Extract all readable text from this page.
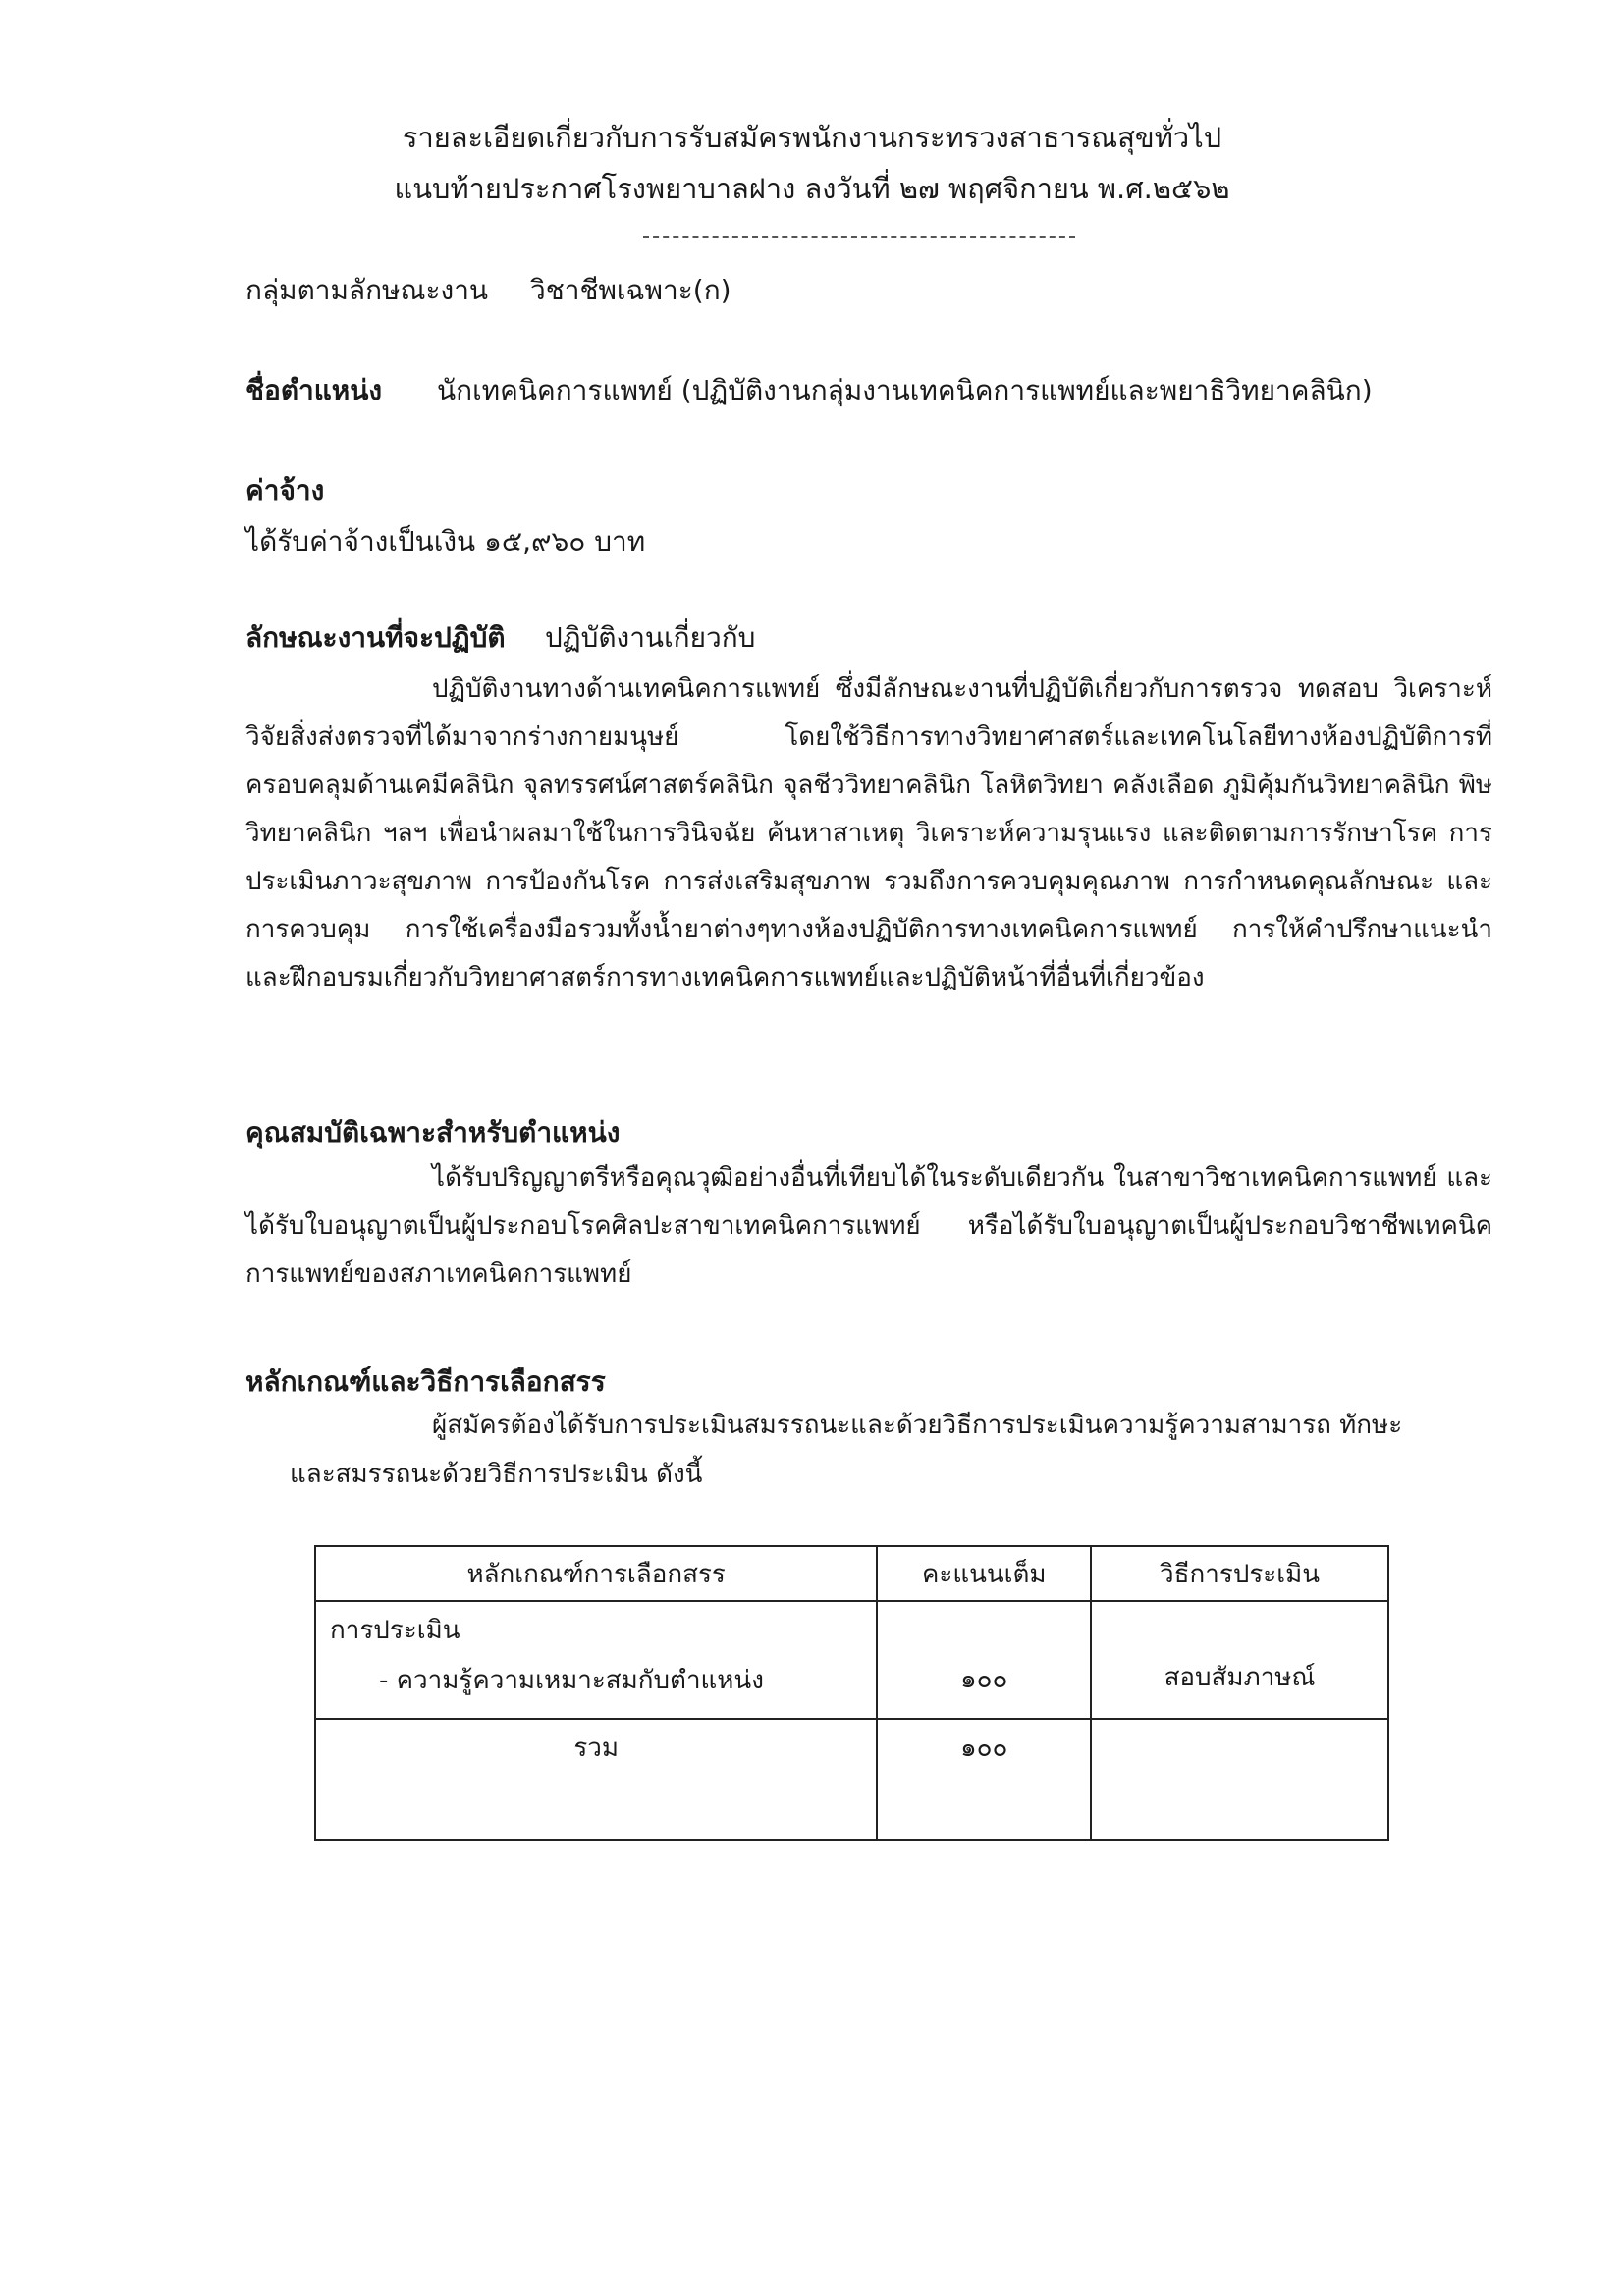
รายละเอียดเกี่ยวกับการรับสมัครพนักงานกระทรวงสาธารณสุขทั่วไป
แนบท้ายประกาศโรงพยาบาลฝาง ลงวันที่ ๒๗ พฤศจิกายน พ.ศ.๒๕๖๒
กลุ่มตามลักษณะงาน วิชาชีพเฉพาะ(ก)
ชื่อตำแหน่ง นักเทคนิคการแพทย์ (ปฏิบัติงานกลุ่มงานเทคนิคการแพทย์และพยาธิวิทยาคลินิก)
ค่าจ้าง
ได้รับค่าจ้างเป็นเงิน ๑๕,๙๖๐ บาท
ลักษณะงานที่จะปฏิบัติ ปฏิบัติงานเกี่ยวกับ
ปฏิบัติงานทางด้านเทคนิคการแพทย์ ซึ่งมีลักษณะงานที่ปฏิบัติเกี่ยวกับการตรวจ ทดสอบ วิเคราะห์ วิจัยสิ่งส่งตรวจที่ได้มาจากร่างกายมนุษย์ โดยใช้วิธีการทางวิทยาศาสตร์และเทคโนโลยีทางห้องปฏิบัติการที่ครอบคลุมด้านเคมีคลินิก จุลทรรศน์ศาสตร์คลินิก จุลชีววิทยาคลินิก โลหิตวิทยา คลังเลือด ภูมิคุ้มกันวิทยาคลินิก พิษวิทยาคลินิก ฯลฯ เพื่อนำผลมาใช้ในการวินิจฉัย ค้นหาสาเหตุ วิเคราะห์ความรุนแรง และติดตามการรักษาโรค การประเมินภาวะสุขภาพ การป้องกันโรค การส่งเสริมสุขภาพ รวมถึงการควบคุมคุณภาพ การกำหนดคุณลักษณะ และการควบคุม การใช้เครื่องมือรวมทั้งน้ำยาต่างๆทางห้องปฏิบัติการทางเทคนิคการแพทย์ การให้คำปรึกษาแนะนำ และฝึกอบรมเกี่ยวกับวิทยาศาสตร์การทางเทคนิคการแพทย์และปฏิบัติหน้าที่อื่นที่เกี่ยวข้อง
คุณสมบัติเฉพาะสำหรับตำแหน่ง
ได้รับปริญญาตรีหรือคุณวุฒิอย่างอื่นที่เทียบได้ในระดับเดียวกัน ในสาขาวิชาเทคนิคการแพทย์ และได้รับใบอนุญาตเป็นผู้ประกอบโรคศิลปะสาขาเทคนิคการแพทย์ หรือได้รับใบอนุญาตเป็นผู้ประกอบวิชาชีพเทคนิคการแพทย์ของสภาเทคนิคการแพทย์
หลักเกณฑ์และวิธีการเลือกสรร
ผู้สมัครต้องได้รับการประเมินสมรรถนะและด้วยวิธีการประเมินความรู้ความสามารถ ทักษะ
และสมรรถนะด้วยวิธีการประเมิน ดังนี้
หลักเกณฑ์การเลือกสรร	คะแนนเต็ม	วิธีการประเมิน

การประเมิน
- ความรู้ความเหมาะสมกับตำแหน่ง	๑๐๐	สอบสัมภาษณ์

รวม	๑๐๐	
